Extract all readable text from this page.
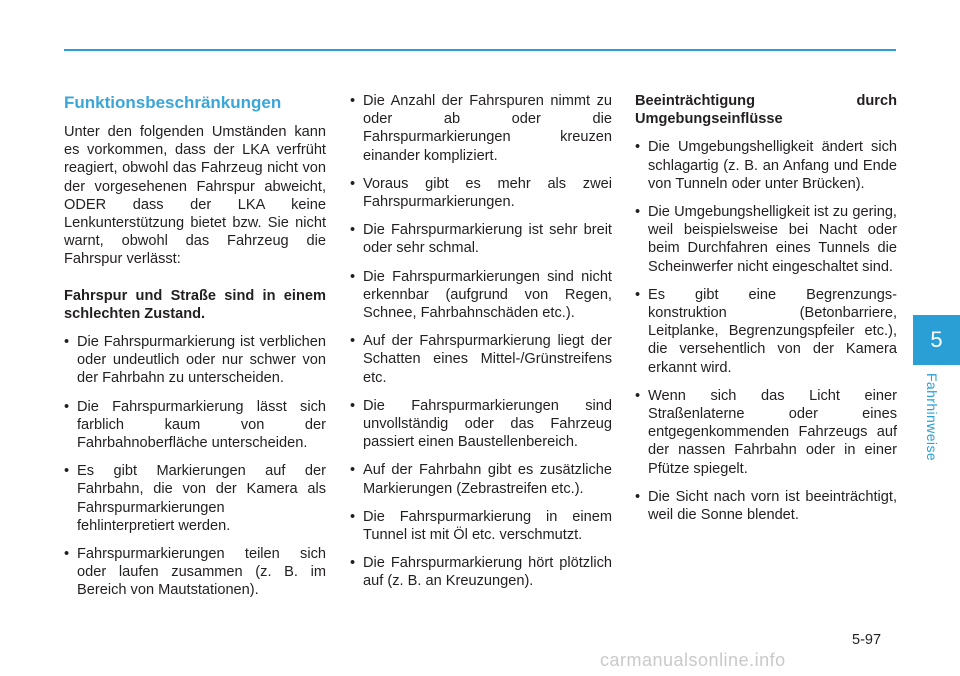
Funktionsbeschränkungen

Unter den folgenden Umständen kann es vorkommen, dass der LKA verfrüht reagiert, obwohl das Fahrzeug nicht von der vorgesehenen Fahrspur abweicht, ODER dass der LKA keine Lenkunterstützung bietet bzw. Sie nicht warnt, obwohl das Fahrzeug die Fahrspur verlässt:

Fahrspur und Straße sind in einem schlechten Zustand.

• Die Fahrspurmarkierung ist verblichen oder undeutlich oder nur schwer von der Fahrbahn zu unterscheiden.
• Die Fahrspurmarkierung lässt sich farblich kaum von der Fahrbahnoberfläche unterscheiden.
• Es gibt Markierungen auf der Fahrbahn, die von der Kamera als Fahrspurmarkierungen fehlinterpretiert werden.
• Fahrspurmarkierungen teilen sich oder laufen zusammen (z. B. im Bereich von Mautstationen).
• Die Anzahl der Fahrspuren nimmt zu oder ab oder die Fahrspurmarkierungen kreuzen einander kompliziert.
• Voraus gibt es mehr als zwei Fahrspurmarkierungen.
• Die Fahrspurmarkierung ist sehr breit oder sehr schmal.
• Die Fahrspurmarkierungen sind nicht erkennbar (aufgrund von Regen, Schnee, Fahrbahnschäden etc.).
• Auf der Fahrspurmarkierung liegt der Schatten eines Mittel-/Grünstreifens etc.
• Die Fahrspurmarkierungen sind unvollständig oder das Fahrzeug passiert einen Baustellenbereich.
• Auf der Fahrbahn gibt es zusätzliche Markierungen (Zebrastreifen etc.).
• Die Fahrspurmarkierung in einem Tunnel ist mit Öl etc. verschmutzt.
• Die Fahrspurmarkierung hört plötzlich auf (z. B. an Kreuzungen).

Beeinträchtigung durch Umgebungseinflüsse

• Die Umgebungshelligkeit ändert sich schlagartig (z. B. an Anfang und Ende von Tunneln oder unter Brücken).
• Die Umgebungshelligkeit ist zu gering, weil beispielsweise bei Nacht oder beim Durchfahren eines Tunnels die Scheinwerfer nicht eingeschaltet sind.
• Es gibt eine Begrenzungs-konstruktion (Betonbarriere, Leitplanke, Begrenzungspfeiler etc.), die versehentlich von der Kamera erkannt wird.
• Wenn sich das Licht einer Straßenlaterne oder eines entgegenkommenden Fahrzeugs auf der nassen Fahrbahn oder in einer Pfütze spiegelt.
• Die Sicht nach vorn ist beeinträchtigt, weil die Sonne blendet.
5
Fahrhinweise
5-97
carmanualsonline.info
